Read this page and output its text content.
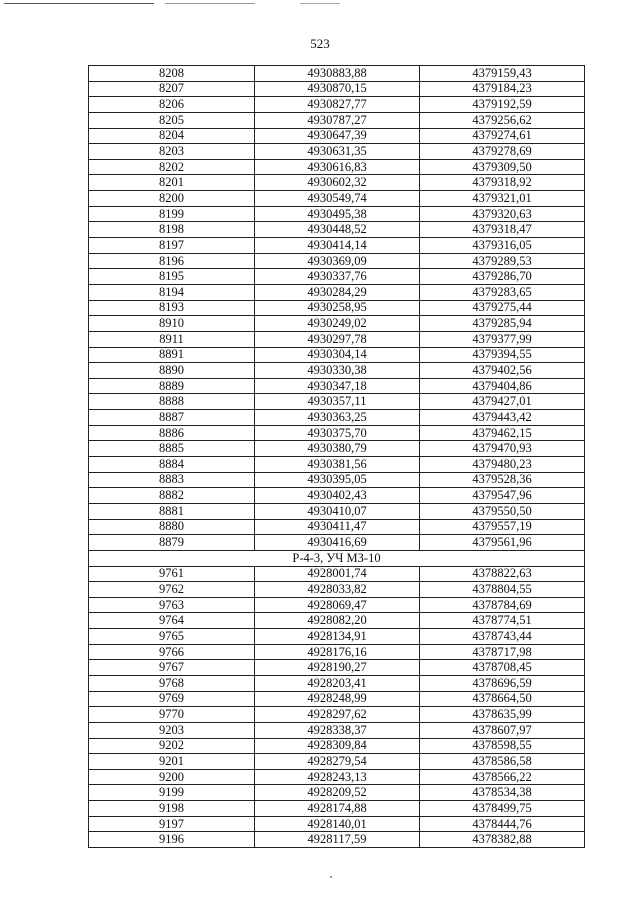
523
8208	4930883,88	4379159,43
8207	4930870,15	4379184,23
8206	4930827,77	4379192,59
8205	4930787,27	4379256,62
8204	4930647,39	4379274,61
8203	4930631,35	4379278,69
8202	4930616,83	4379309,50
8201	4930602,32	4379318,92
8200	4930549,74	4379321,01
8199	4930495,38	4379320,63
8198	4930448,52	4379318,47
8197	4930414,14	4379316,05
8196	4930369,09	4379289,53
8195	4930337,76	4379286,70
8194	4930284,29	4379283,65
8193	4930258,95	4379275,44
8910	4930249,02	4379285,94
8911	4930297,78	4379377,99
8891	4930304,14	4379394,55
8890	4930330,38	4379402,56
8889	4930347,18	4379404,86
8888	4930357,11	4379427,01
8887	4930363,25	4379443,42
8886	4930375,70	4379462,15
8885	4930380,79	4379470,93
8884	4930381,56	4379480,23
8883	4930395,05	4379528,36
8882	4930402,43	4379547,96
8881	4930410,07	4379550,50
8880	4930411,47	4379557,19
8879	4930416,69	4379561,96
Р-4-3, УЧ МЗ-10		
9761	4928001,74	4378822,63
9762	4928033,82	4378804,55
9763	4928069,47	4378784,69
9764	4928082,20	4378774,51
9765	4928134,91	4378743,44
9766	4928176,16	4378717,98
9767	4928190,27	4378708,45
9768	4928203,41	4378696,59
9769	4928248,99	4378664,50
9770	4928297,62	4378635,99
9203	4928338,37	4378607,97
9202	4928309,84	4378598,55
9201	4928279,54	4378586,58
9200	4928243,13	4378566,22
9199	4928209,52	4378534,38
9198	4928174,88	4378499,75
9197	4928140,01	4378444,76
9196	4928117,59	4378382,88
